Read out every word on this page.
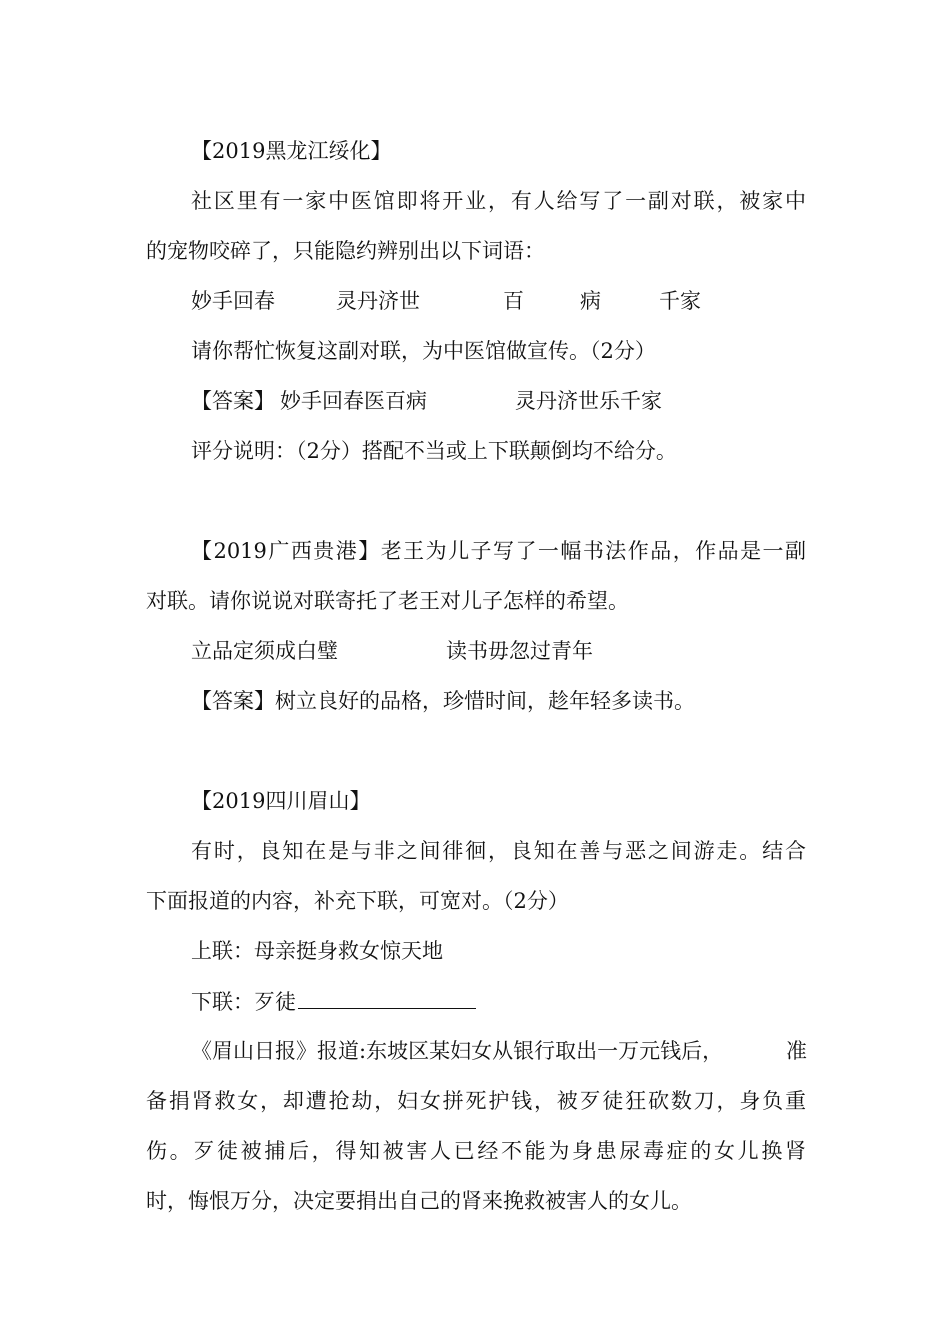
【2019黑龙江绥化】
社区里有一家中医馆即将开业，有人给写了一副对联，被家中
的宠物咬碎了，只能隐约辨别出以下词语：
妙手回春	灵丹济世	百	病	千家
请你帮忙恢复这副对联，为中医馆做宣传。（2分）
【答案】 妙手回春医百病	灵丹济世乐千家
评分说明：（2分）搭配不当或上下联颠倒均不给分。
【2019广西贵港】老王为儿子写了一幅书法作品，作品是一副
对联。请你说说对联寄托了老王对儿子怎样的希望。
立品定须成白璧	读书毋忽过青年
【答案】树立良好的品格，珍惜时间，趁年轻多读书。
【2019四川眉山】
有时，良知在是与非之间徘徊，良知在善与恶之间游走。结合
下面报道的内容，补充下联，可宽对。（2分）
上联：母亲挺身救女惊天地
下联：歹徒
《眉山日报》报道:东坡区某妇女从银行取出一万元钱后，	准
备捐肾救女，却遭抢劫，妇女拼死护钱，被歹徒狂砍数刀，身负重
伤。歹徒被捕后，得知被害人已经不能为身患尿毒症的女儿换肾
时，悔恨万分，决定要捐出自己的肾来挽救被害人的女儿。
